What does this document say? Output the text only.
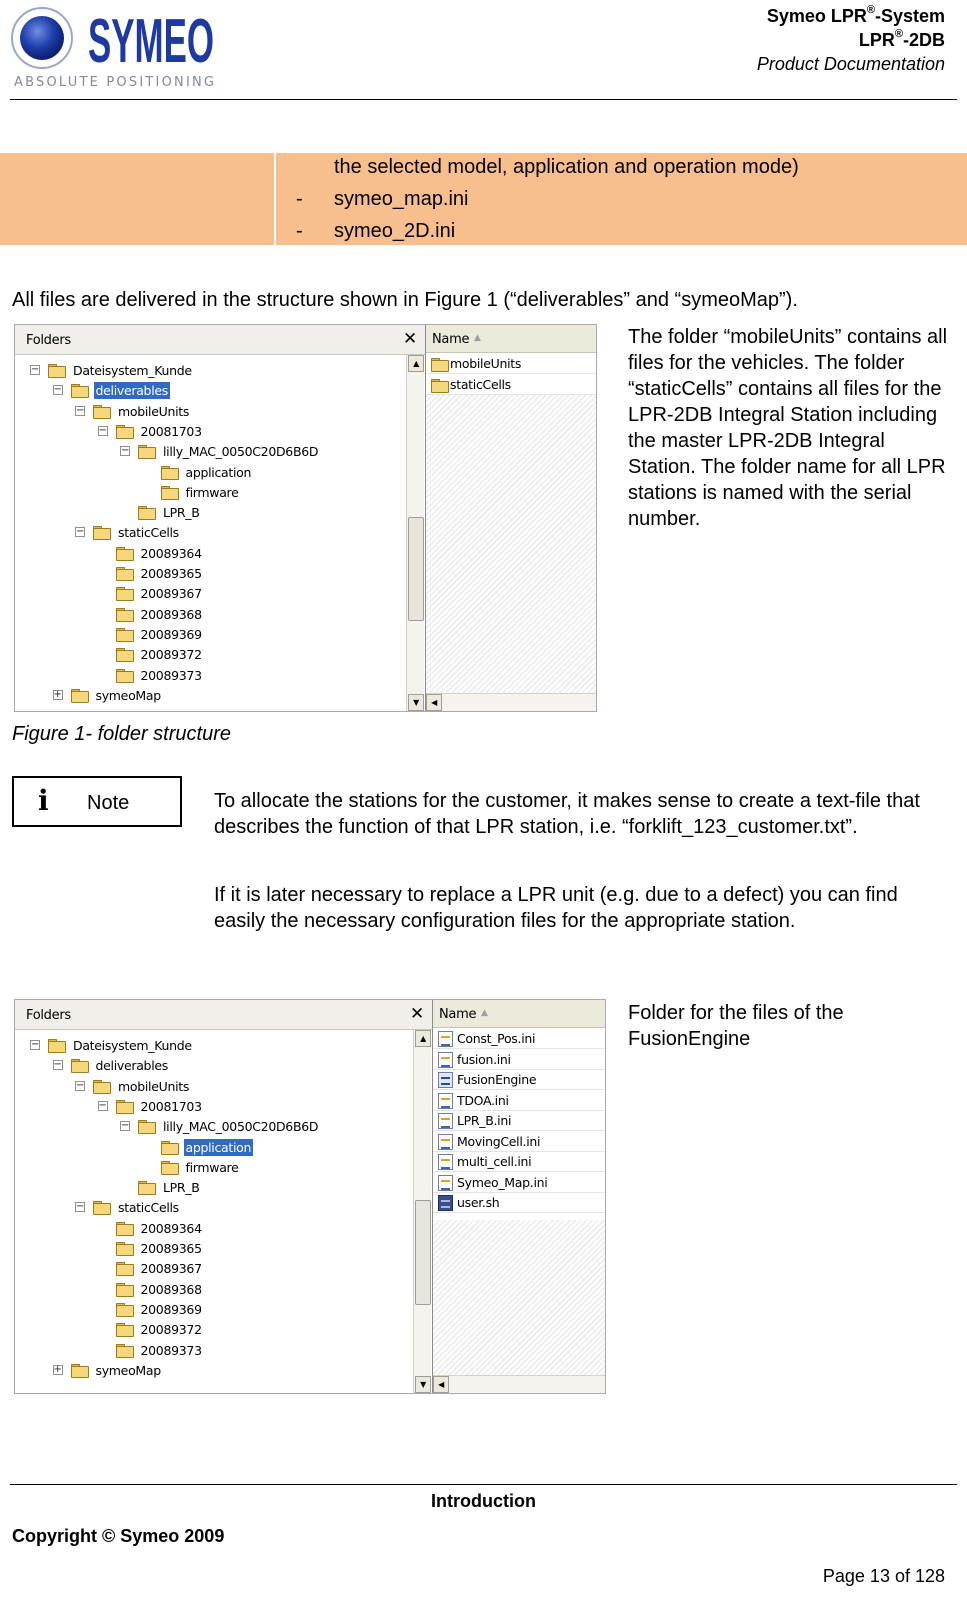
SYMEO
ABSOLUTE POSITIONING
Symeo LPR®-System
LPR®-2DB
Product Documentation
the selected model, application and operation mode)
- symeo_map.ini
- symeo_2D.ini
All files are delivered in the structure shown in Figure 1 (“deliverables” and “symeoMap”).
Folders	✕
−	Dateisystem_Kunde
−	deliverables
−	mobileUnits
−	20081703
−	lilly_MAC_0050C20D6B6D
application
firmware
LPR_B
−	staticCells
20089364
20089365
20089367
20089368
20089369
20089372
20089373
+	symeoMap
▲
▼
Name ▲
mobileUnits
staticCells
◀
The folder “mobileUnits” contains all files for the vehicles. The folder “staticCells” contains all files for the LPR-2DB Integral Station including the master LPR-2DB Integral Station. The folder name for all LPR stations is named with the serial number.
Figure 1- folder structure
i Note	To allocate the stations for the customer, it makes sense to create a text-file that describes the function of that LPR station, i.e. “forklift_123_customer.txt”.
If it is later necessary to replace a LPR unit (e.g. due to a defect) you can find easily the necessary configuration files for the appropriate station.
Folders	✕
−	Dateisystem_Kunde
−	deliverables
−	mobileUnits
−	20081703
−	lilly_MAC_0050C20D6B6D
application
firmware
LPR_B
−	staticCells
20089364
20089365
20089367
20089368
20089369
20089372
20089373
+	symeoMap
▲
▼
Name ▲
Const_Pos.ini
fusion.ini
FusionEngine
TDOA.ini
LPR_B.ini
MovingCell.ini
multi_cell.ini
Symeo_Map.ini
user.sh
◀
Folder for the files of the FusionEngine
Introduction
Copyright © Symeo 2009
Page 13 of 128
